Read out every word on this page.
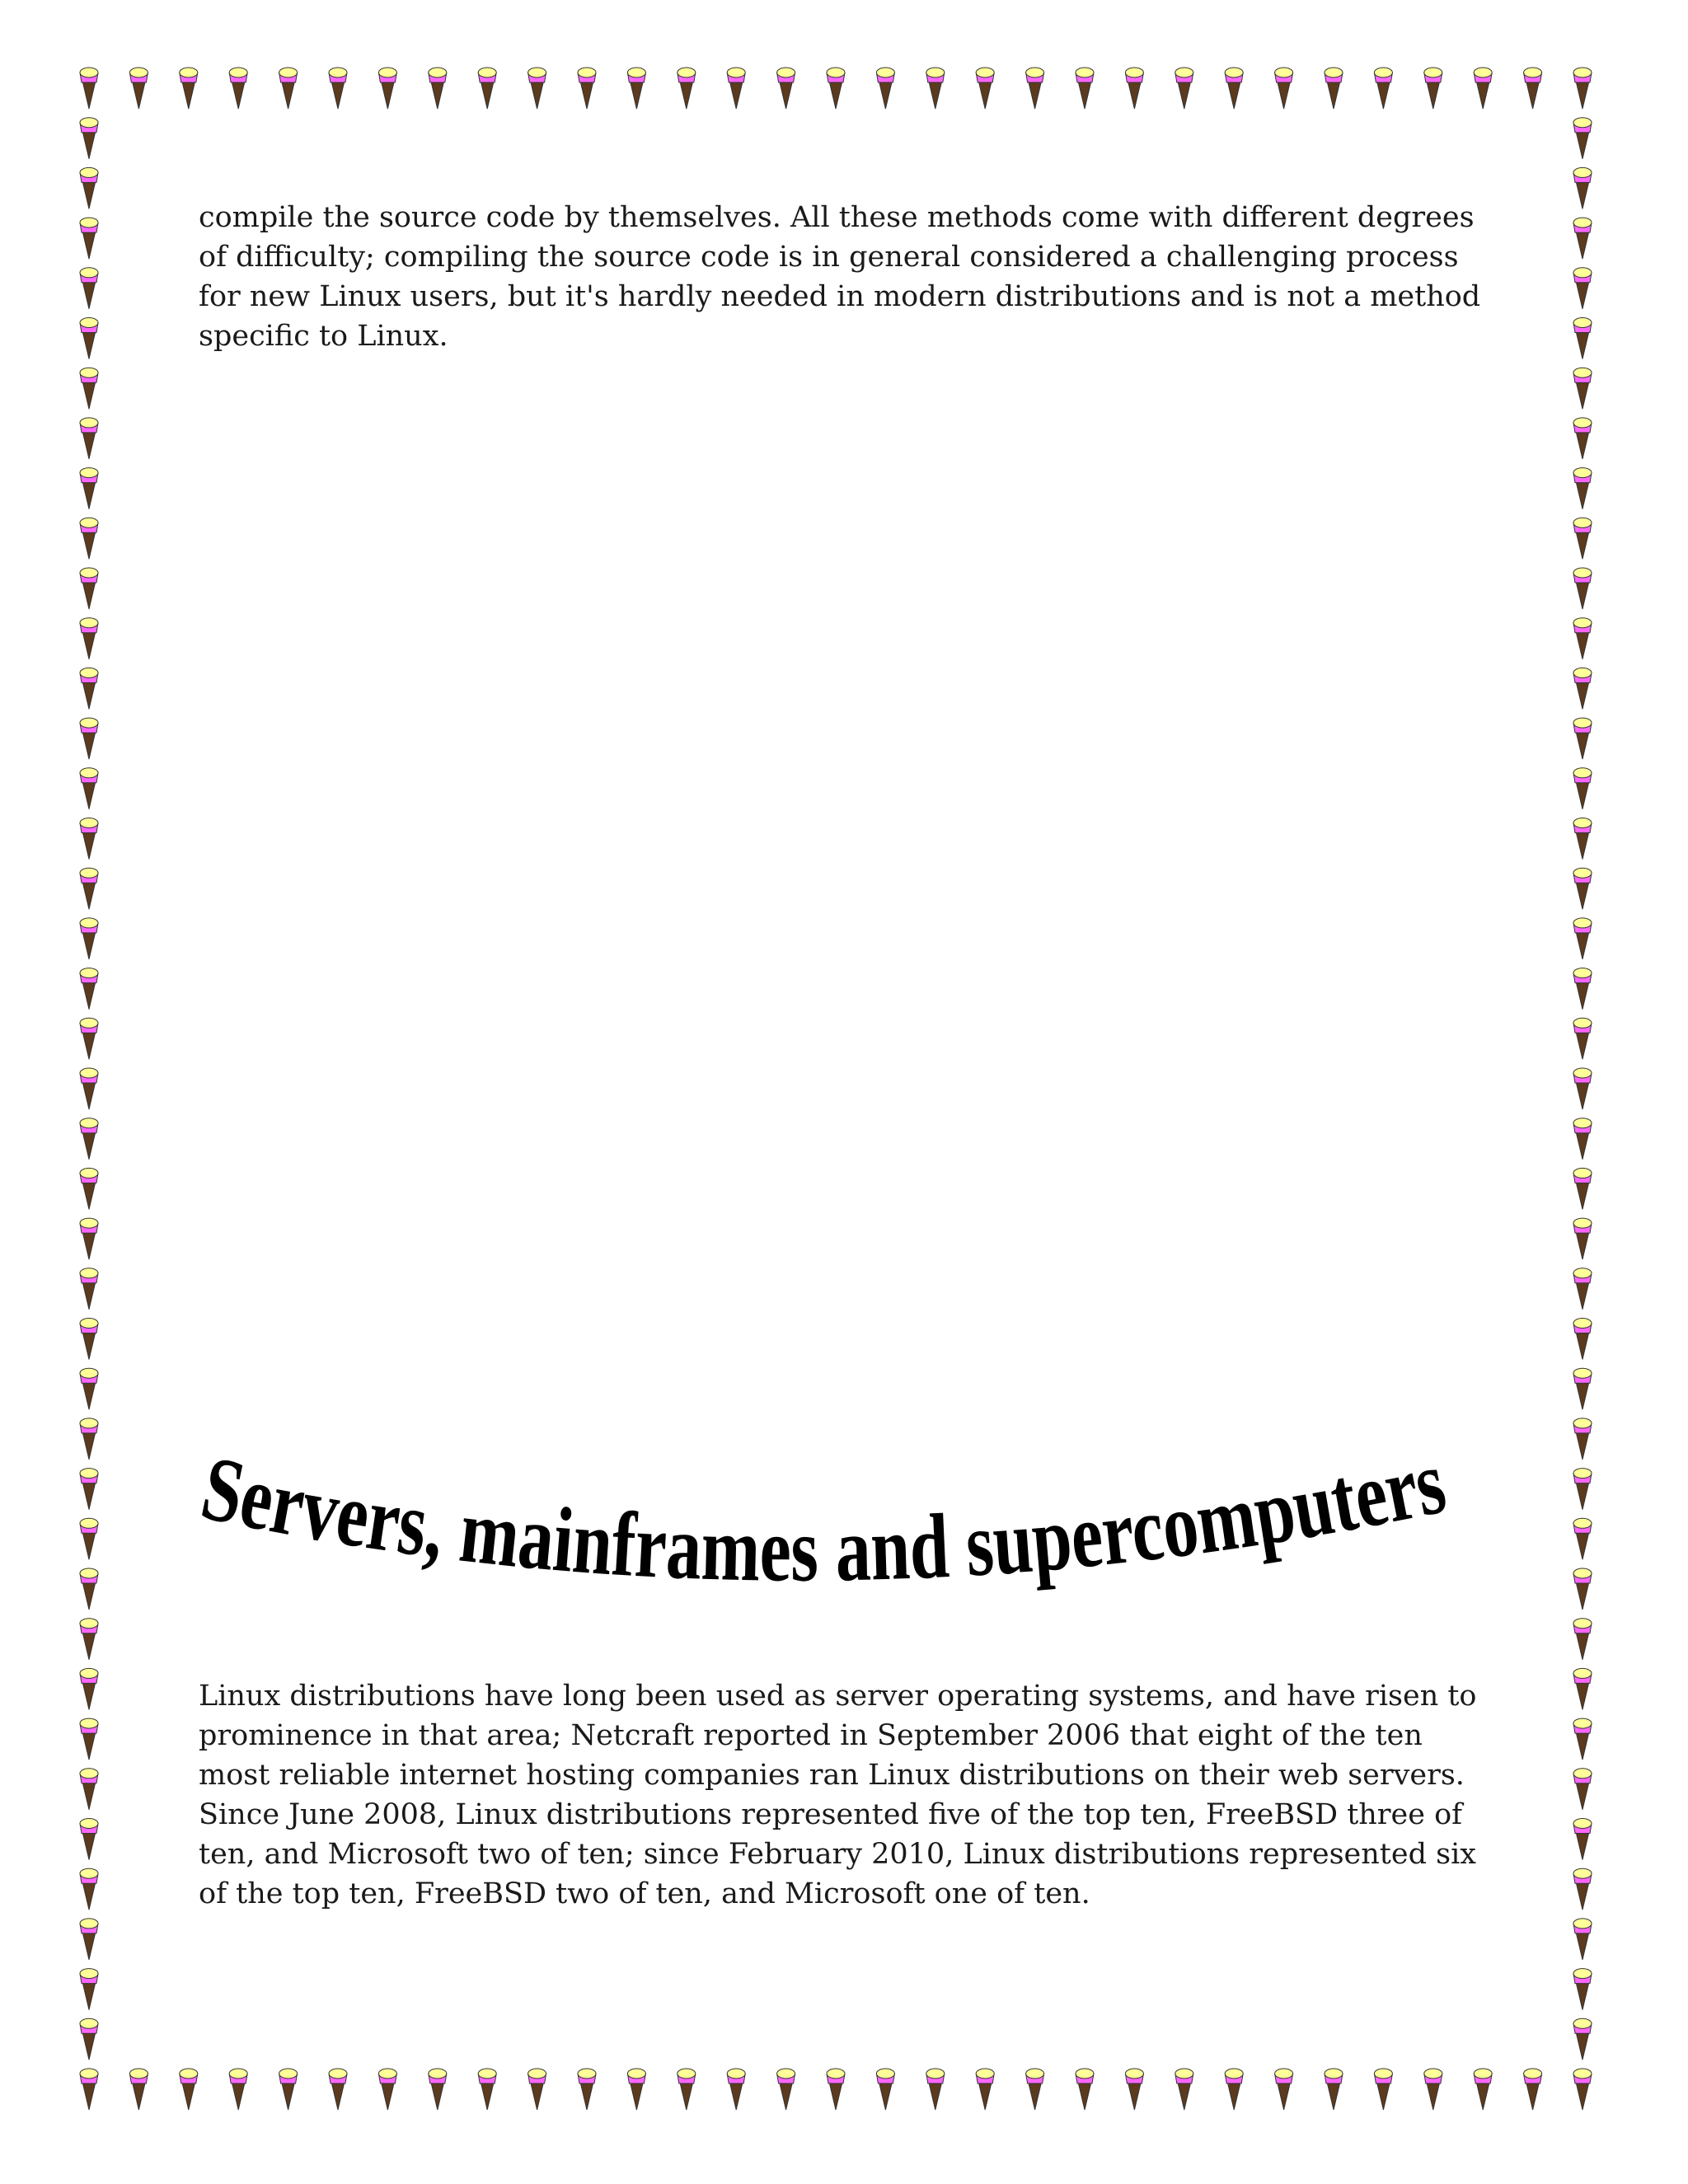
compile the source code by themselves. All these methods come with different degrees of difficulty; compiling the source code is in general considered a challenging process for new Linux users, but it's hardly needed in modern distributions and is not a method specific to Linux.

Servers, mainframes and supercomputers

Linux distributions have long been used as server operating systems, and have risen to prominence in that area; Netcraft reported in September 2006 that eight of the ten most reliable internet hosting companies ran Linux distributions on their web servers. Since June 2008, Linux distributions represented five of the top ten, FreeBSD three of ten, and Microsoft two of ten; since February 2010, Linux distributions represented six of the top ten, FreeBSD two of ten, and Microsoft one of ten.
